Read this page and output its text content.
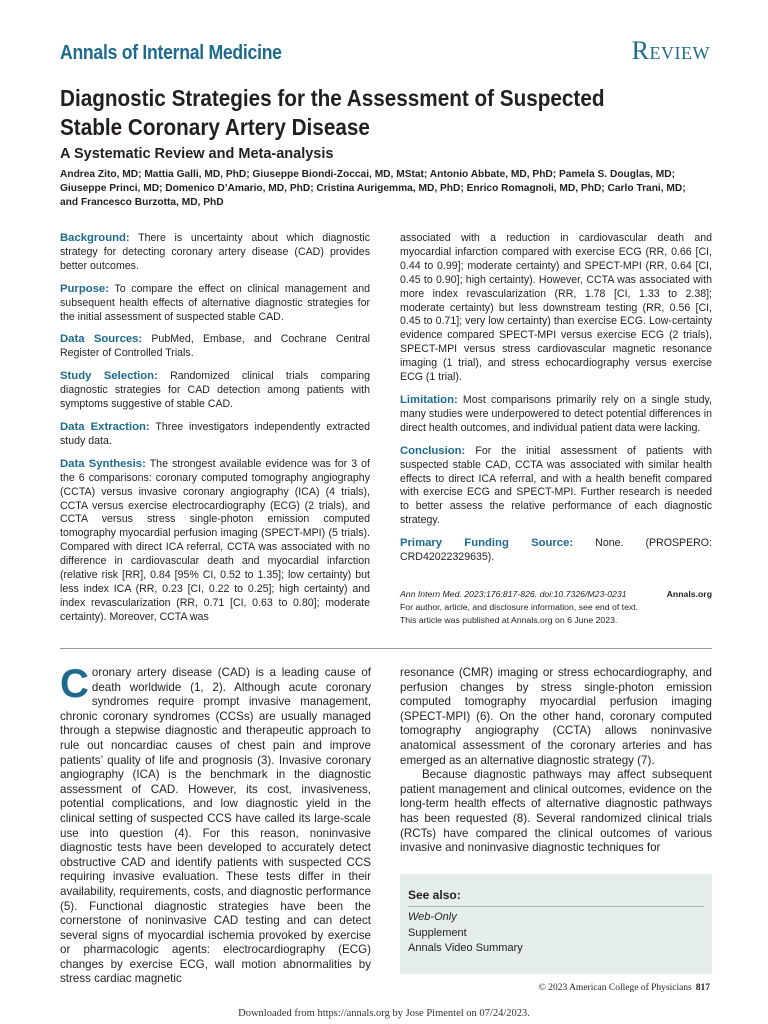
Annals of Internal Medicine	Review
Diagnostic Strategies for the Assessment of Suspected Stable Coronary Artery Disease
A Systematic Review and Meta-analysis

Andrea Zito, MD; Mattia Galli, MD, PhD; Giuseppe Biondi-Zoccai, MD, MStat; Antonio Abbate, MD, PhD; Pamela S. Douglas, MD; Giuseppe Princi, MD; Domenico D’Amario, MD, PhD; Cristina Aurigemma, MD, PhD; Enrico Romagnoli, MD, PhD; Carlo Trani, MD; and Francesco Burzotta, MD, PhD

Background: There is uncertainty about which diagnostic strategy for detecting coronary artery disease (CAD) provides better outcomes.

Purpose: To compare the effect on clinical management and subsequent health effects of alternative diagnostic strategies for the initial assessment of suspected stable CAD.

Data Sources: PubMed, Embase, and Cochrane Central Register of Controlled Trials.

Study Selection: Randomized clinical trials comparing diagnostic strategies for CAD detection among patients with symptoms suggestive of stable CAD.

Data Extraction: Three investigators independently extracted study data.

Data Synthesis: The strongest available evidence was for 3 of the 6 comparisons: coronary computed tomography angiography (CCTA) versus invasive coronary angiography (ICA) (4 trials), CCTA versus exercise electrocardiography (ECG) (2 trials), and CCTA versus stress single-photon emission computed tomography myocardial perfusion imaging (SPECT-MPI) (5 trials). Compared with direct ICA referral, CCTA was associated with no difference in cardiovascular death and myocardial infarction (relative risk [RR], 0.84 [95% CI, 0.52 to 1.35]; low certainty) but less index ICA (RR, 0.23 [CI, 0.22 to 0.25]; high certainty) and index revascularization (RR, 0.71 [CI, 0.63 to 0.80]; moderate certainty). Moreover, CCTA was

associated with a reduction in cardiovascular death and myocardial infarction compared with exercise ECG (RR, 0.66 [CI, 0.44 to 0.99]; moderate certainty) and SPECT-MPI (RR, 0.64 [CI, 0.45 to 0.90]; high certainty). However, CCTA was associated with more index revascularization (RR, 1.78 [CI, 1.33 to 2.38]; moderate certainty) but less downstream testing (RR, 0.56 [CI, 0.45 to 0.71]; very low certainty) than exercise ECG. Low-certainty evidence compared SPECT-MPI versus exercise ECG (2 trials), SPECT-MPI versus stress cardiovascular magnetic resonance imaging (1 trial), and stress echocardiography versus exercise ECG (1 trial).

Limitation: Most comparisons primarily rely on a single study, many studies were underpowered to detect potential differences in direct health outcomes, and individual patient data were lacking.

Conclusion: For the initial assessment of patients with suspected stable CAD, CCTA was associated with similar health effects to direct ICA referral, and with a health benefit compared with exercise ECG and SPECT-MPI. Further research is needed to better assess the relative performance of each diagnostic strategy.

Primary Funding Source: None. (PROSPERO: CRD42022329635).

Ann Intern Med. 2023;176:817-826. doi:10.7326/M23-0231	Annals.org
For author, article, and disclosure information, see end of text.
This article was published at Annals.org on 6 June 2023.

Coronary artery disease (CAD) is a leading cause of death worldwide (1, 2). Although acute coronary syndromes require prompt invasive management, chronic coronary syndromes (CCSs) are usually managed through a stepwise diagnostic and therapeutic approach to rule out noncardiac causes of chest pain and improve patients’ quality of life and prognosis (3). Invasive coronary angiography (ICA) is the benchmark in the diagnostic assessment of CAD. However, its cost, invasiveness, potential complications, and low diagnostic yield in the clinical setting of suspected CCS have called its large-scale use into question (4). For this reason, noninvasive diagnostic tests have been developed to accurately detect obstructive CAD and identify patients with suspected CCS requiring invasive evaluation. These tests differ in their availability, requirements, costs, and diagnostic performance (5). Functional diagnostic strategies have been the cornerstone of noninvasive CAD testing and can detect several signs of myocardial ischemia provoked by exercise or pharmacologic agents: electrocardiography (ECG) changes by exercise ECG, wall motion abnormalities by stress cardiac magnetic

resonance (CMR) imaging or stress echocardiography, and perfusion changes by stress single-photon emission computed tomography myocardial perfusion imaging (SPECT-MPI) (6). On the other hand, coronary computed tomography angiography (CCTA) allows noninvasive anatomical assessment of the coronary arteries and has emerged as an alternative diagnostic strategy (7).

Because diagnostic pathways may affect subsequent patient management and clinical outcomes, evidence on the long-term health effects of alternative diagnostic pathways has been requested (8). Several randomized clinical trials (RCTs) have compared the clinical outcomes of various invasive and noninvasive diagnostic techniques for

See also:
Web-Only
Supplement
Annals Video Summary
© 2023 American College of Physicians 817
Downloaded from https://annals.org by Jose Pimentel on 07/24/2023.
